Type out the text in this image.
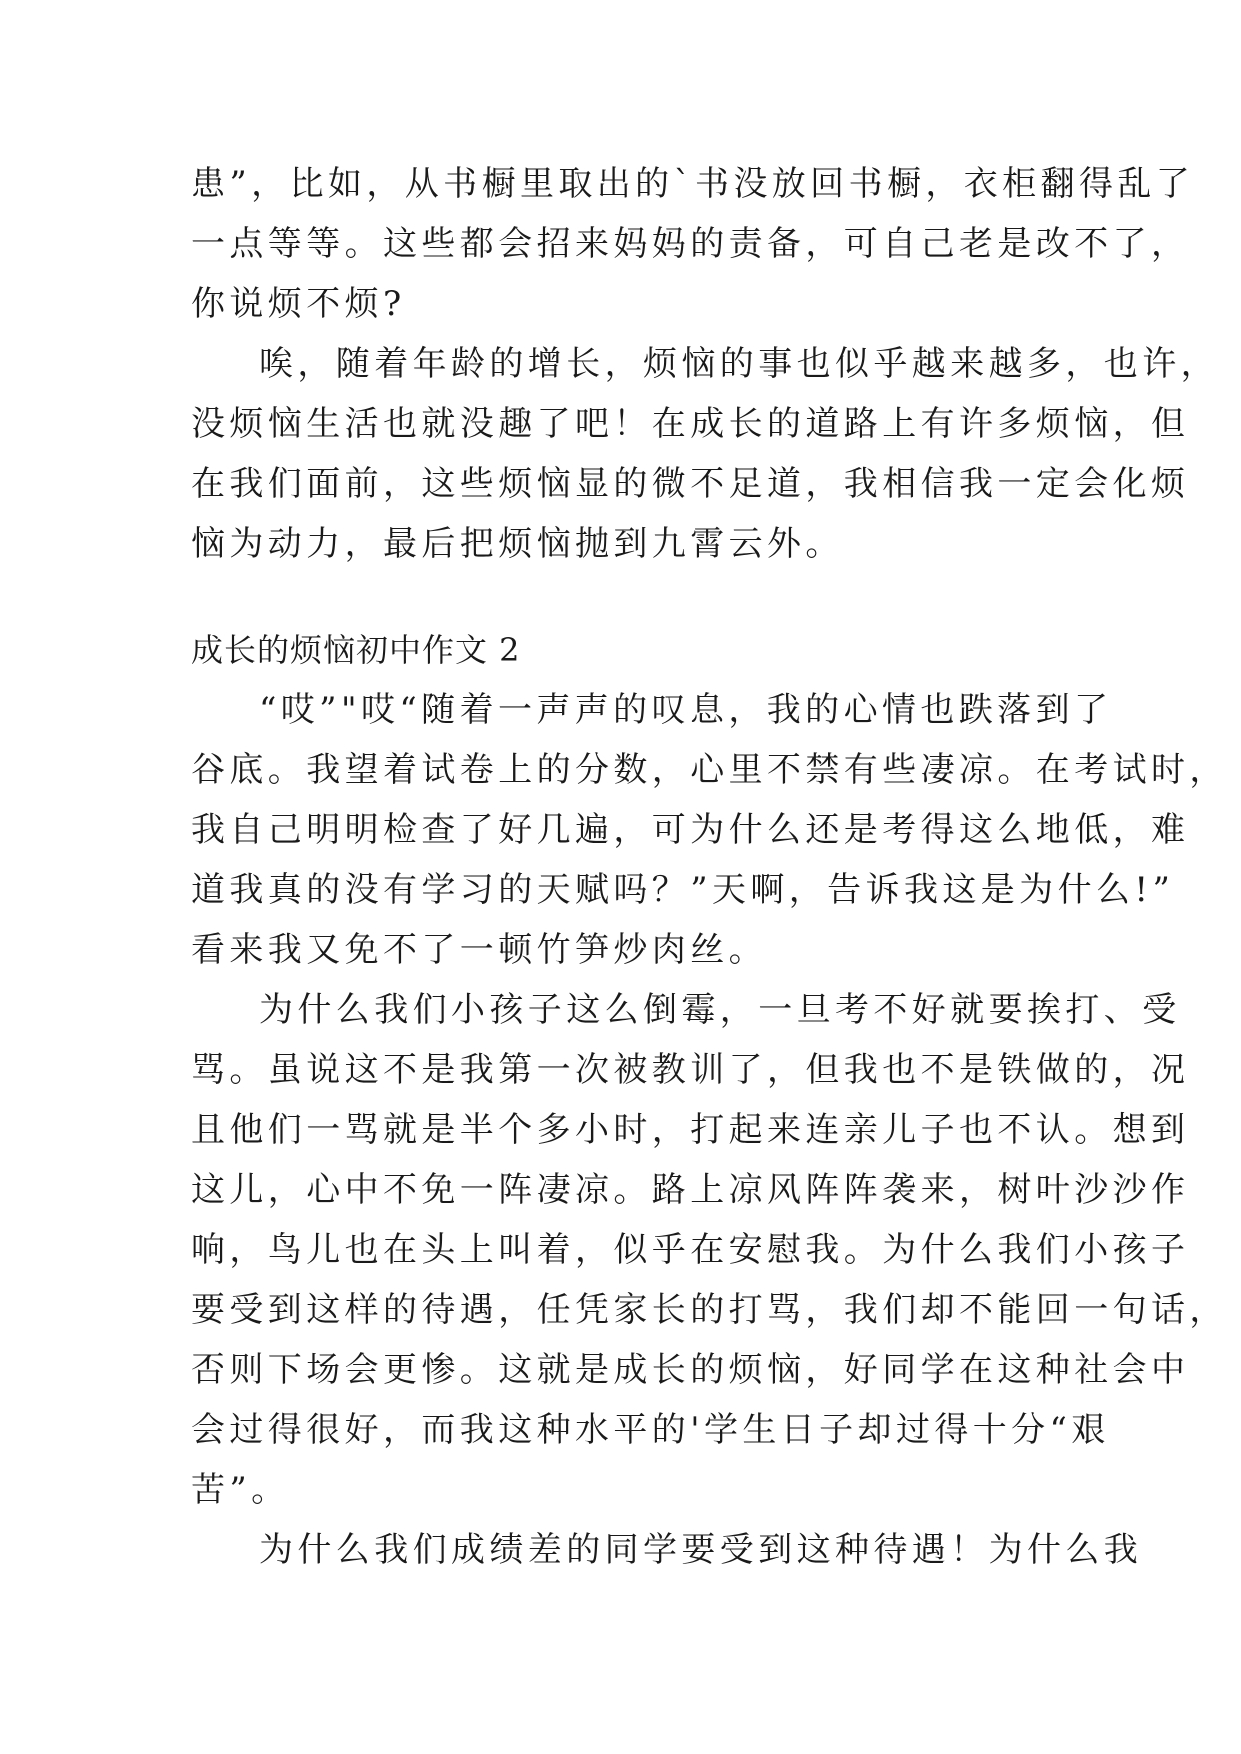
患”，比如，从书橱里取出的`书没放回书橱，衣柜翻得乱了
一点等等。这些都会招来妈妈的责备，可自己老是改不了，
你说烦不烦?
唉，随着年龄的增长，烦恼的事也似乎越来越多，也许，
没烦恼生活也就没趣了吧！在成长的道路上有许多烦恼，但
在我们面前，这些烦恼显的微不足道，我相信我一定会化烦
恼为动力，最后把烦恼抛到九霄云外。
成长的烦恼初中作文 2
“哎”"哎“随着一声声的叹息，我的心情也跌落到了
谷底。我望着试卷上的分数，心里不禁有些凄凉。在考试时，
我自己明明检查了好几遍，可为什么还是考得这么地低，难
道我真的没有学习的天赋吗？”天啊，告诉我这是为什么!”
看来我又免不了一顿竹笋炒肉丝。
为什么我们小孩子这么倒霉，一旦考不好就要挨打、受
骂。虽说这不是我第一次被教训了，但我也不是铁做的，况
且他们一骂就是半个多小时，打起来连亲儿子也不认。想到
这儿，心中不免一阵凄凉。路上凉风阵阵袭来，树叶沙沙作
响，鸟儿也在头上叫着，似乎在安慰我。为什么我们小孩子
要受到这样的待遇，任凭家长的打骂，我们却不能回一句话，
否则下场会更惨。这就是成长的烦恼，好同学在这种社会中
会过得很好，而我这种水平的'学生日子却过得十分“艰
苦”。
为什么我们成绩差的同学要受到这种待遇！为什么我
